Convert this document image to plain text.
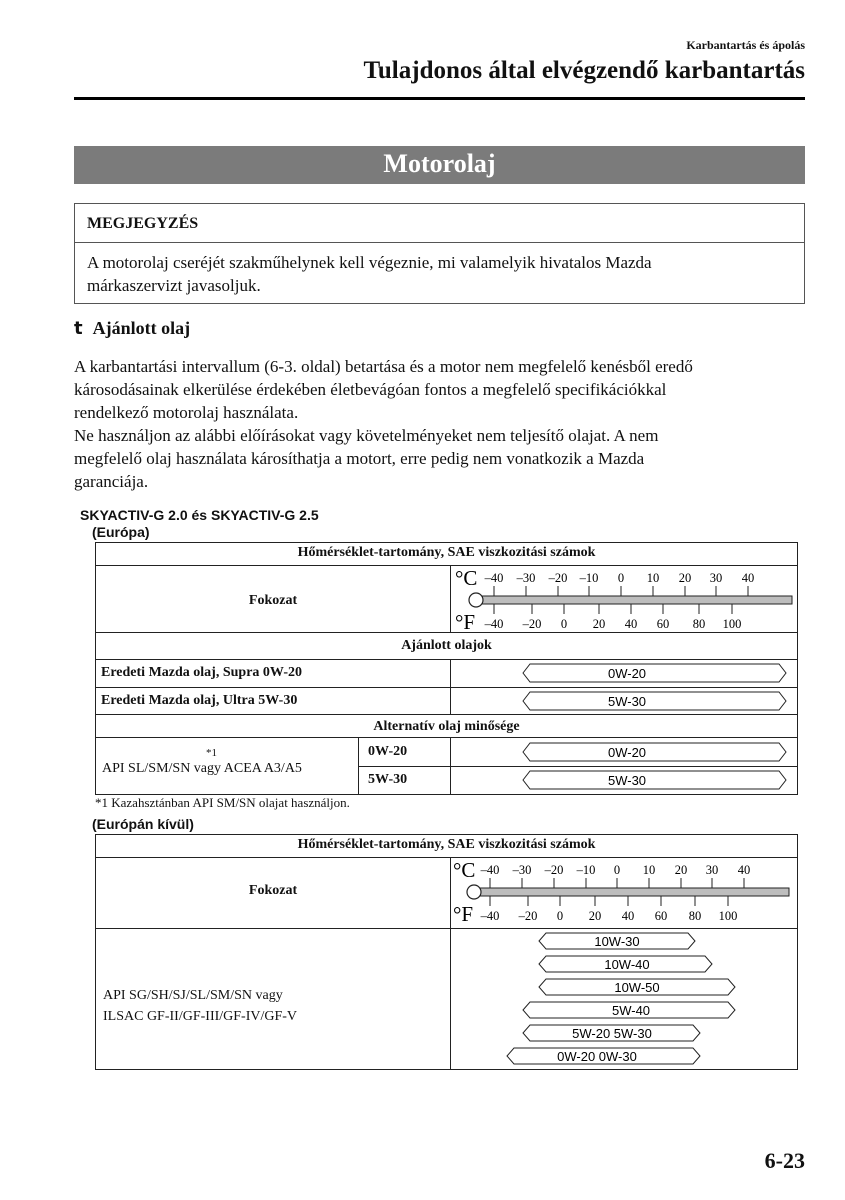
Karbantartás és ápolás
Tulajdonos által elvégzendő karbantartás
Motorolaj
MEGJEGYZÉS
A motorolaj cseréjét szakműhelynek kell végeznie, mi valamelyik hivatalos Mazda
márkaszervizt javasoljuk.
t Ajánlott olaj
A karbantartási intervallum (6-3. oldal) betartása és a motor nem megfelelő kenésből eredő
károsodásainak elkerülése érdekében életbevágóan fontos a megfelelő specifikációkkal
rendelkező motorolaj használata.
Ne használjon az alábbi előírásokat vagy követelményeket nem teljesítő olajat. A nem
megfelelő olaj használata károsíthatja a motort, erre pedig nem vonatkozik a Mazda
garanciája.
SKYACTIV-G 2.0 és SKYACTIV-G 2.5
(Európa)
Hőmérséklet-tartomány, SAE viszkozitási számok
Fokozat
Ajánlott olajok
Eredeti Mazda olaj, Supra 0W-20
Eredeti Mazda olaj, Ultra 5W-30
Alternatív olaj minősége
*1
API SL/SM/SN vagy ACEA A3/A5
0W-20
5W-30
°C
°F
–40 –30 –20 –10 0 10 20 30 40
–40 –20 0 20 40 60 80 100
0W-20
5W-30
0W-20
5W-30
*1 Kazahsztánban API SM/SN olajat használjon.
(Európán kívül)
Hőmérséklet-tartomány, SAE viszkozitási számok
Fokozat
API SG/SH/SJ/SL/SM/SN vagy
ILSAC GF-II/GF-III/GF-IV/GF-V
°C
°F
–40 –30 –20 –10 0 10 20 30 40
–40 –20 0 20 40 60 80 100
10W-30
10W-40
10W-50
5W-40
5W-20 5W-30
0W-20 0W-30
6-23
